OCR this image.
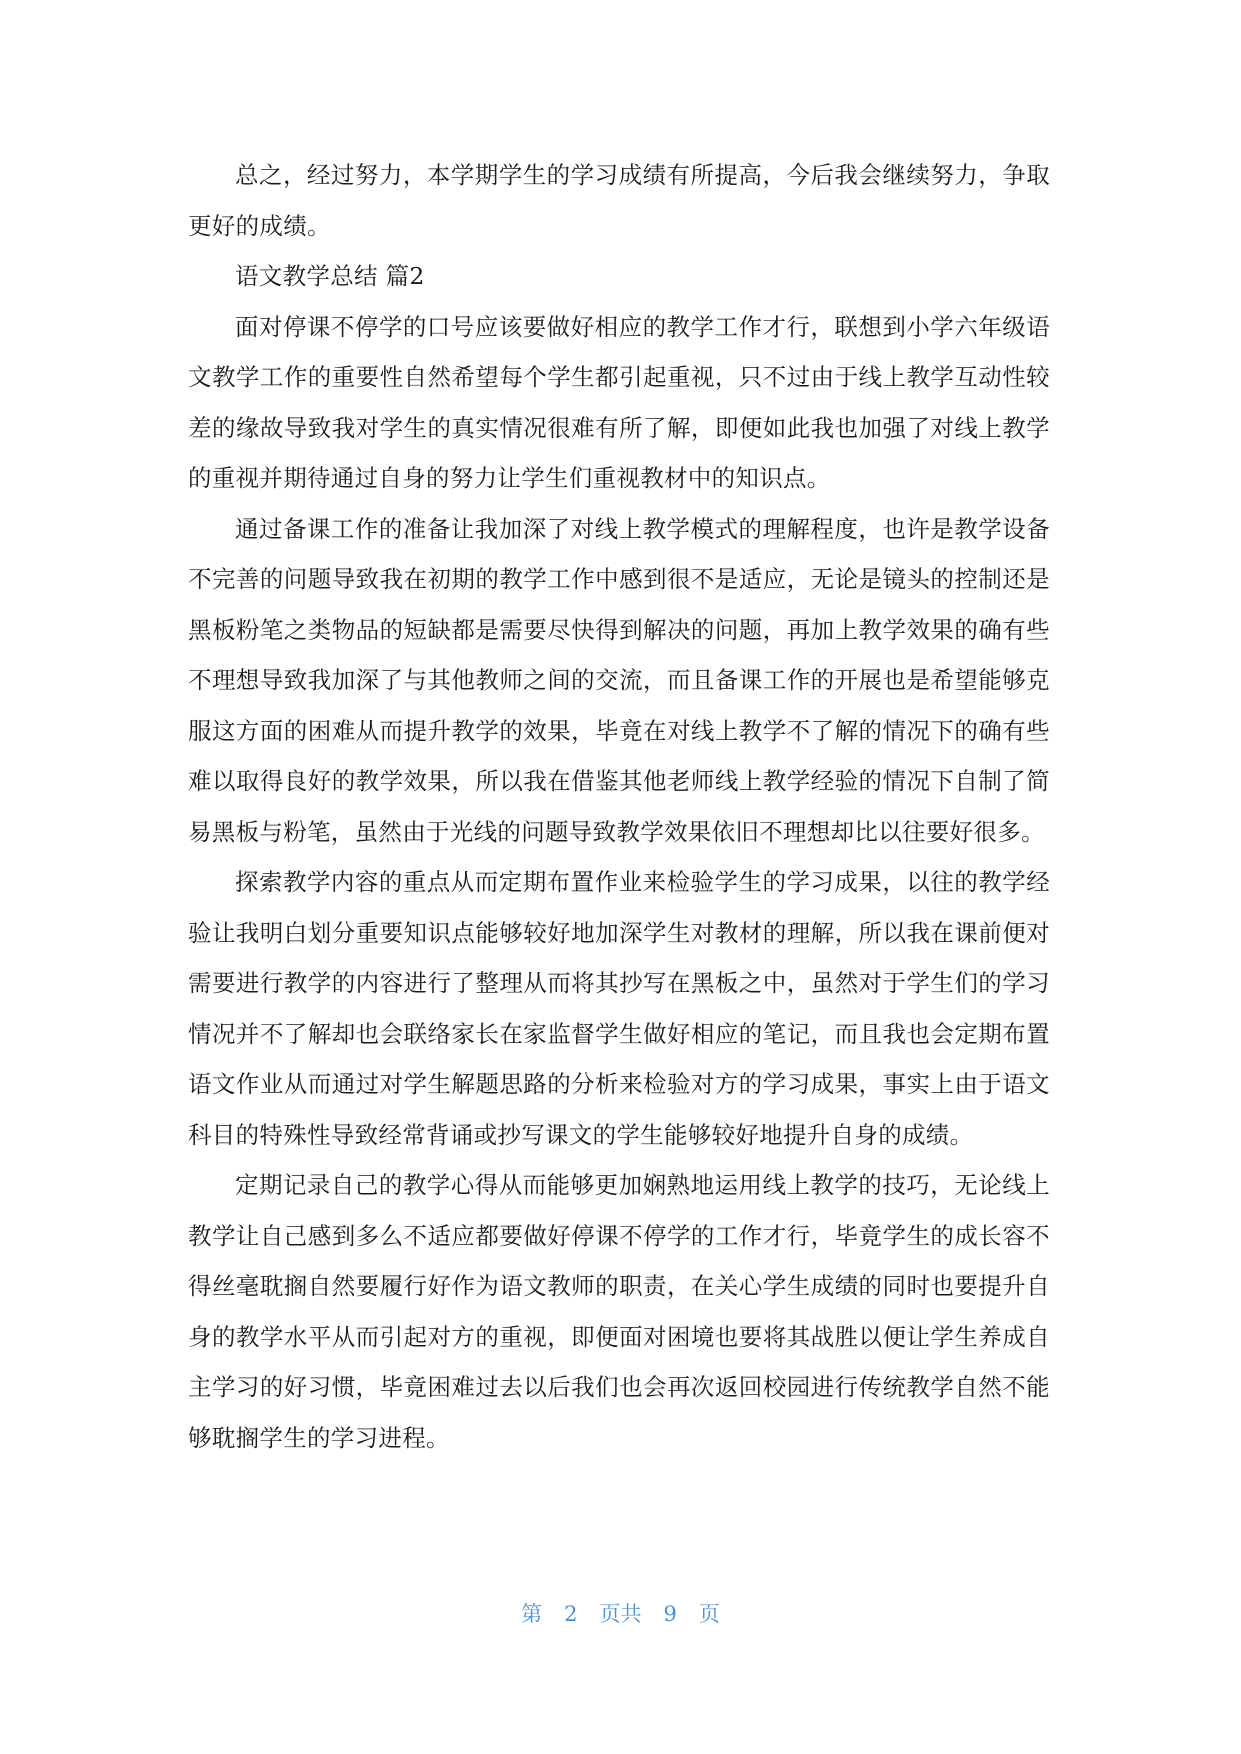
总之，经过努力，本学期学生的学习成绩有所提高，今后我会继续努力，争取更好的成绩。

语文教学总结 篇2

面对停课不停学的口号应该要做好相应的教学工作才行，联想到小学六年级语文教学工作的重要性自然希望每个学生都引起重视，只不过由于线上教学互动性较差的缘故导致我对学生的真实情况很难有所了解，即便如此我也加强了对线上教学的重视并期待通过自身的努力让学生们重视教材中的知识点。

通过备课工作的准备让我加深了对线上教学模式的理解程度，也许是教学设备不完善的问题导致我在初期的教学工作中感到很不是适应，无论是镜头的控制还是黑板粉笔之类物品的短缺都是需要尽快得到解决的问题，再加上教学效果的确有些不理想导致我加深了与其他教师之间的交流，而且备课工作的开展也是希望能够克服这方面的困难从而提升教学的效果，毕竟在对线上教学不了解的情况下的确有些难以取得良好的教学效果，所以我在借鉴其他老师线上教学经验的情况下自制了简易黑板与粉笔，虽然由于光线的问题导致教学效果依旧不理想却比以往要好很多。

探索教学内容的重点从而定期布置作业来检验学生的学习成果，以往的教学经验让我明白划分重要知识点能够较好地加深学生对教材的理解，所以我在课前便对需要进行教学的内容进行了整理从而将其抄写在黑板之中，虽然对于学生们的学习情况并不了解却也会联络家长在家监督学生做好相应的笔记，而且我也会定期布置语文作业从而通过对学生解题思路的分析来检验对方的学习成果，事实上由于语文科目的特殊性导致经常背诵或抄写课文的学生能够较好地提升自身的成绩。

定期记录自己的教学心得从而能够更加娴熟地运用线上教学的技巧，无论线上教学让自己感到多么不适应都要做好停课不停学的工作才行，毕竟学生的成长容不得丝毫耽搁自然要履行好作为语文教师的职责，在关心学生成绩的同时也要提升自身的教学水平从而引起对方的重视，即便面对困境也要将其战胜以便让学生养成自主学习的好习惯，毕竟困难过去以后我们也会再次返回校园进行传统教学自然不能够耽搁学生的学习进程。

第 2 页共 9 页
